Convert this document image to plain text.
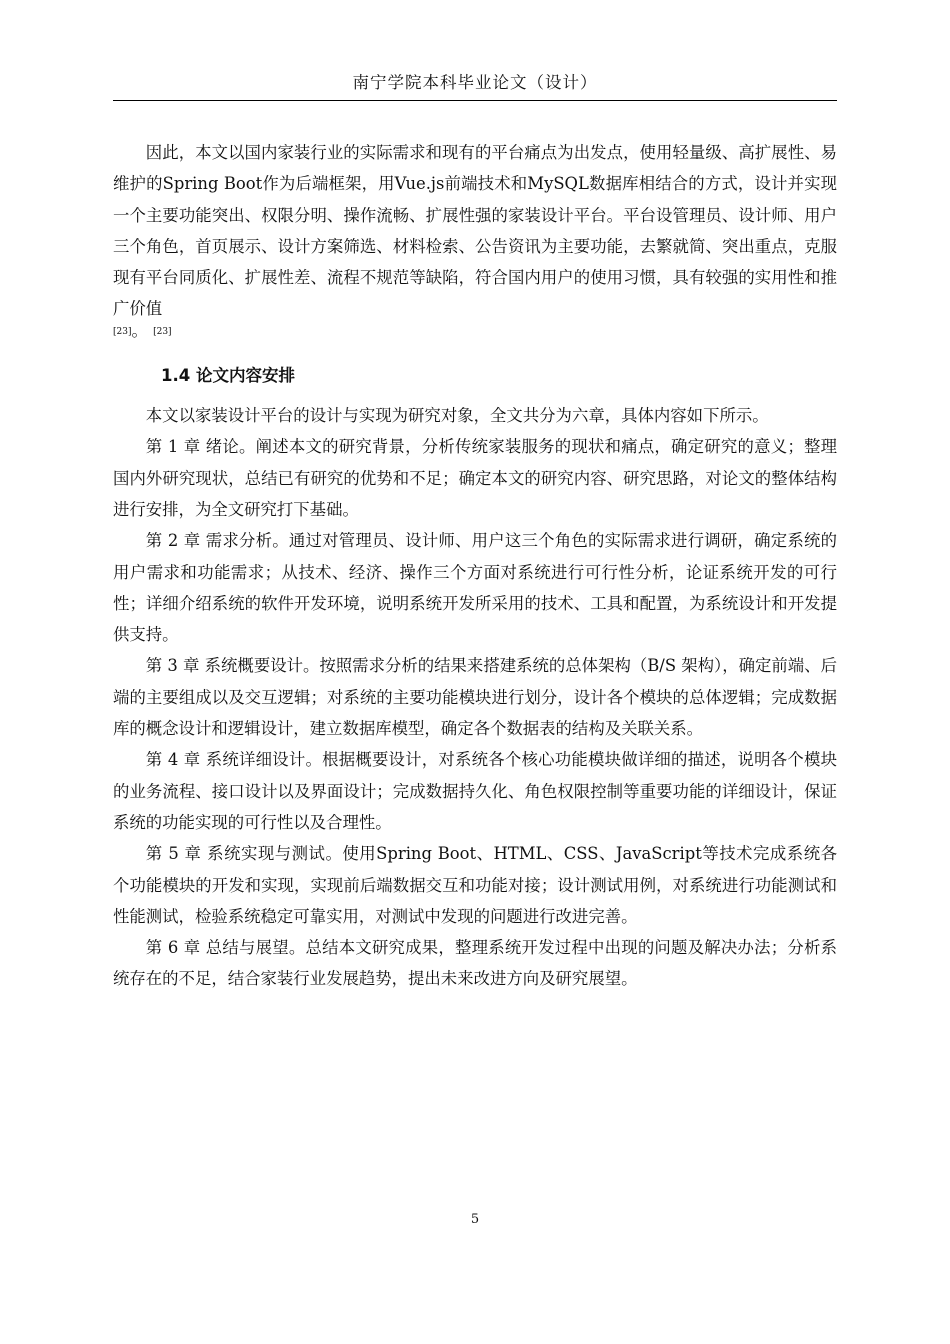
南宁学院本科毕业论文（设计）

因此，本文以国内家装行业的实际需求和现有的平台痛点为出发点，使用轻量级、高扩展性、易维护的Spring Boot作为后端框架，用Vue.js前端技术和MySQL数据库相结合的方式，设计并实现一个主要功能突出、权限分明、操作流畅、扩展性强的家装设计平台。平台设管理员、设计师、用户三个角色，首页展示、设计方案筛选、材料检索、公告资讯为主要功能，去繁就简、突出重点，克服现有平台同质化、扩展性差、流程不规范等缺陷，符合国内用户的使用习惯，具有较强的实用性和推广价值

[23]。 [23]

1.4 论文内容安排

本文以家装设计平台的设计与实现为研究对象，全文共分为六章，具体内容如下所示。

第 1 章 绪论。阐述本文的研究背景，分析传统家装服务的现状和痛点，确定研究的意义；整理国内外研究现状，总结已有研究的优势和不足；确定本文的研究内容、研究思路，对论文的整体结构进行安排，为全文研究打下基础。

第 2 章 需求分析。通过对管理员、设计师、用户这三个角色的实际需求进行调研，确定系统的用户需求和功能需求；从技术、经济、操作三个方面对系统进行可行性分析，论证系统开发的可行性；详细介绍系统的软件开发环境，说明系统开发所采用的技术、工具和配置，为系统设计和开发提供支持。

第 3 章 系统概要设计。按照需求分析的结果来搭建系统的总体架构（B/S 架构），确定前端、后端的主要组成以及交互逻辑；对系统的主要功能模块进行划分，设计各个模块的总体逻辑；完成数据库的概念设计和逻辑设计，建立数据库模型，确定各个数据表的结构及关联关系。

第 4 章 系统详细设计。根据概要设计，对系统各个核心功能模块做详细的描述，说明各个模块的业务流程、接口设计以及界面设计；完成数据持久化、角色权限控制等重要功能的详细设计，保证系统的功能实现的可行性以及合理性。

第 5 章 系统实现与测试。使用Spring Boot、HTML、CSS、JavaScript等技术完成系统各个功能模块的开发和实现，实现前后端数据交互和功能对接；设计测试用例，对系统进行功能测试和性能测试，检验系统稳定可靠实用，对测试中发现的问题进行改进完善。

第 6 章 总结与展望。总结本文研究成果，整理系统开发过程中出现的问题及解决办法；分析系统存在的不足，结合家装行业发展趋势，提出未来改进方向及研究展望。

5
